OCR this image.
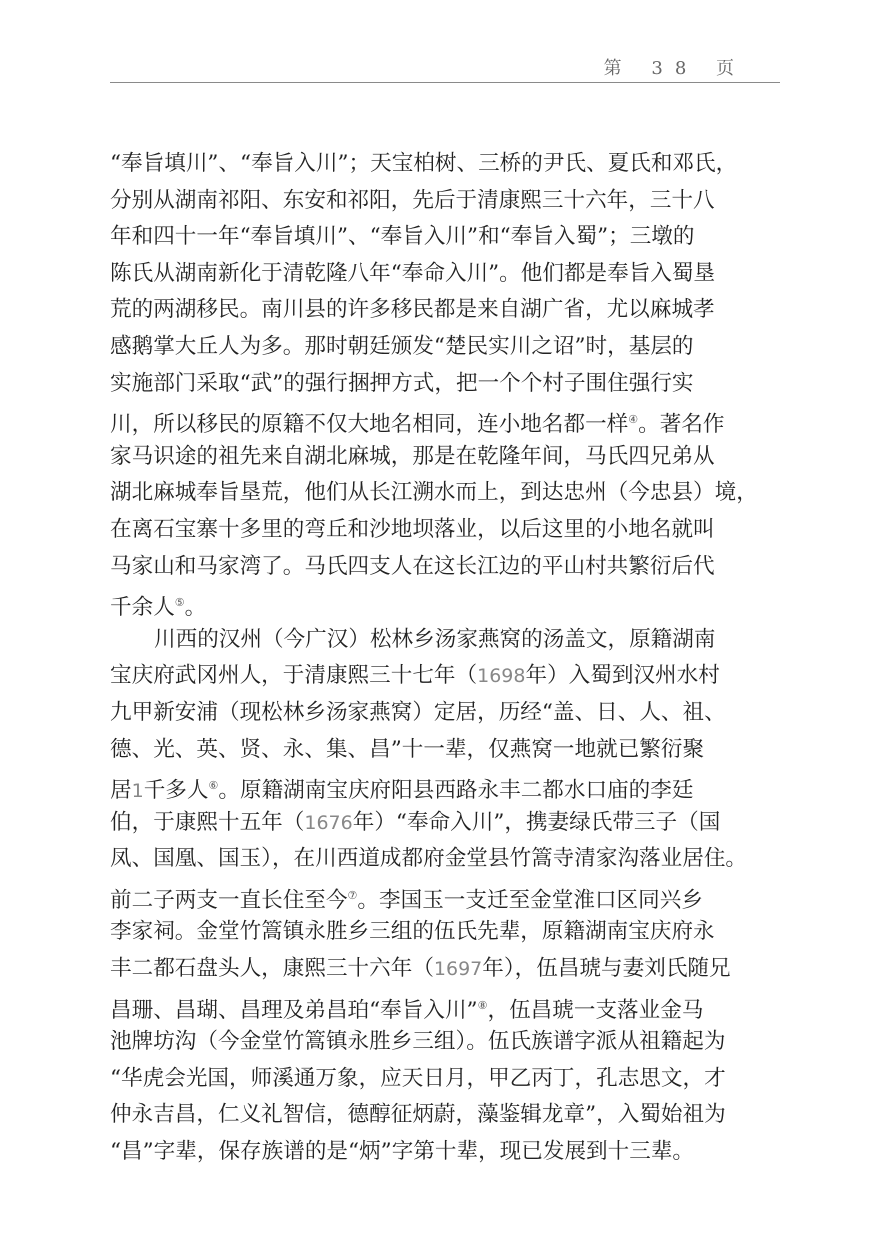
第 38 页
“奉旨填川”、“奉旨入川”；天宝柏树、三桥的尹氏、夏氏和邓氏，
分别从湖南祁阳、东安和祁阳，先后于清康熙三十六年，三十八
年和四十一年“奉旨填川”、“奉旨入川”和“奉旨入蜀”；三墩的
陈氏从湖南新化于清乾隆八年“奉命入川”。他们都是奉旨入蜀垦
荒的两湖移民。南川县的许多移民都是来自湖广省，尤以麻城孝
感鹅掌大丘人为多。那时朝廷颁发“楚民实川之诏”时，基层的
实施部门采取“武”的强行捆押方式，把一个个村子围住强行实
川，所以移民的原籍不仅大地名相同，连小地名都一样④。著名作
家马识途的祖先来自湖北麻城，那是在乾隆年间，马氏四兄弟从
湖北麻城奉旨垦荒，他们从长江溯水而上，到达忠州（今忠县）境，
在离石宝寨十多里的弯丘和沙地坝落业，以后这里的小地名就叫
马家山和马家湾了。马氏四支人在这长江边的平山村共繁衍后代
千余人⑤。
川西的汉州（今广汉）松林乡汤家燕窝的汤盖文，原籍湖南
宝庆府武冈州人，于清康熙三十七年（1698年）入蜀到汉州水村
九甲新安浦（现松林乡汤家燕窝）定居，历经“盖、日、人、祖、
德、光、英、贤、永、集、昌”十一辈，仅燕窝一地就已繁衍聚
居1千多人⑥。原籍湖南宝庆府阳县西路永丰二都水口庙的李廷
伯，于康熙十五年（1676年）“奉命入川”，携妻绿氏带三子（国
凤、国凰、国玉），在川西道成都府金堂县竹篙寺清家沟落业居住。
前二子两支一直长住至今⑦。李国玉一支迁至金堂淮口区同兴乡
李家祠。金堂竹篙镇永胜乡三组的伍氏先辈，原籍湖南宝庆府永
丰二都石盘头人，康熙三十六年（1697年），伍昌琥与妻刘氏随兄
昌珊、昌瑚、昌理及弟昌珀“奉旨入川”⑧，伍昌琥一支落业金马
池牌坊沟（今金堂竹篙镇永胜乡三组）。伍氏族谱字派从祖籍起为
“华虎会光国，师溪通万象，应天日月，甲乙丙丁，孔志思文，才
仲永吉昌，仁义礼智信，德醇征炳蔚，藻鉴辑龙章”，入蜀始祖为
“昌”字辈，保存族谱的是“炳”字第十辈，现已发展到十三辈。
